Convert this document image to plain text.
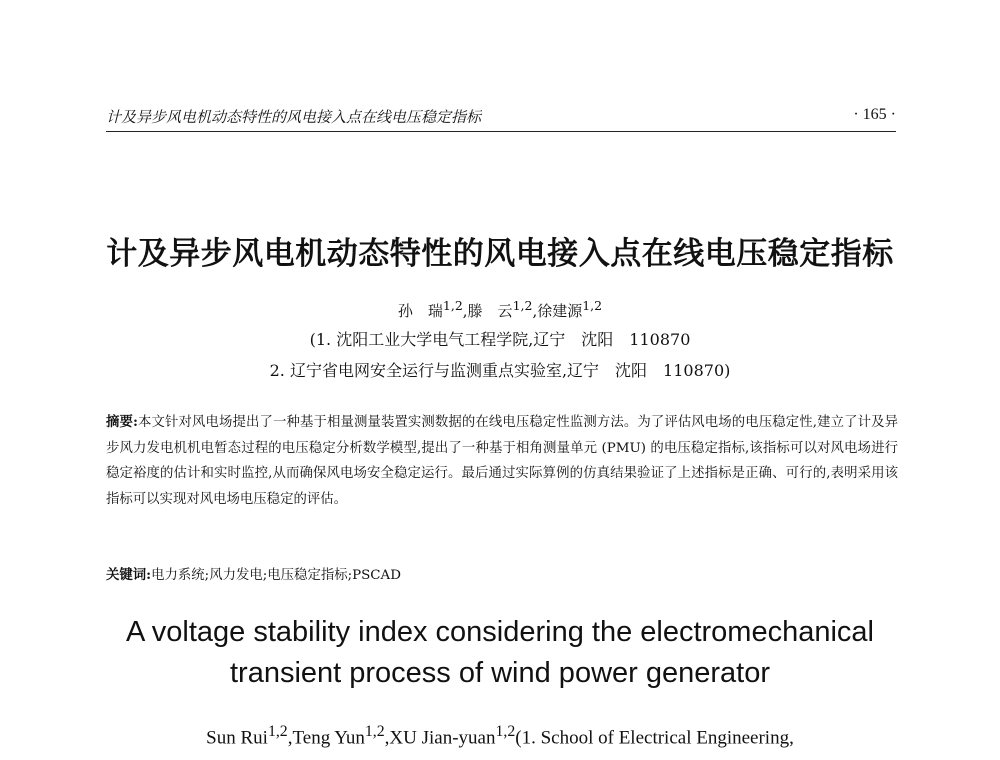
计及异步风电机动态特性的风电接入点在线电压稳定指标	· 165 ·
计及异步风电机动态特性的风电接入点在线电压稳定指标
孙　瑞$^{1,2}$,滕　云$^{1,2}$,徐建源$^{1,2}$
(1. 沈阳工业大学电气工程学院,辽宁　沈阳　110870
2. 辽宁省电网安全运行与监测重点实验室,辽宁　沈阳　110870)
摘要:本文针对风电场提出了一种基于相量测量装置实测数据的在线电压稳定性监测方法。为了评估风电场的电压稳定性,建立了计及异步风力发电机机电暂态过程的电压稳定分析数学模型,提出了一种基于相角测量单元 (PMU) 的电压稳定指标,该指标可以对风电场进行稳定裕度的估计和实时监控,从而确保风电场安全稳定运行。最后通过实际算例的仿真结果验证了上述指标是正确、可行的,表明采用该指标可以实现对风电场电压稳定的评估。
关键词:电力系统;风力发电;电压稳定指标;PSCAD
A voltage stability index considering the electromechanical
transient process of wind power generator
Sun Rui$^{1,2}$,Teng Yun$^{1,2}$,XU Jian-yuan$^{1,2}$(1. School of Electrical Engineering,
